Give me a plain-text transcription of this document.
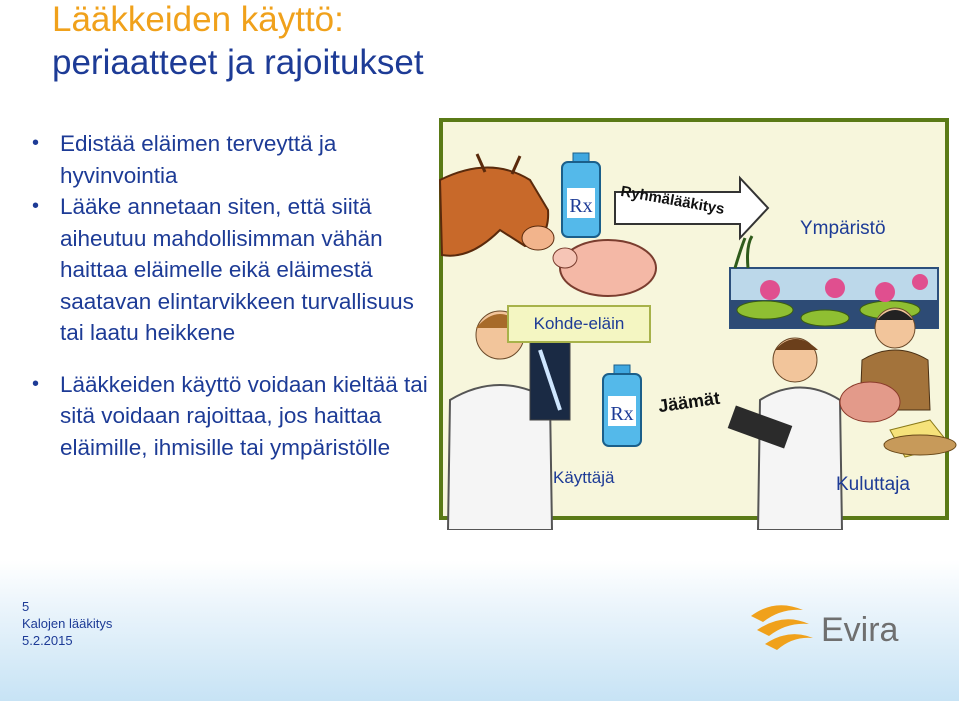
Lääkkeiden käyttö:
periaatteet ja rajoitukset
• Edistää eläimen terveyttä ja hyvinvointia
• Lääke annetaan siten, että siitä aiheutuu mahdollisimman vähän haittaa eläimelle eikä eläimestä saatavan elintarvikkeen turvallisuus tai laatu heikkene
• Lääkkeiden käyttö voidaan kieltää tai sitä voidaan rajoittaa, jos haittaa eläimille, ihmisille tai ympäristölle
Rx
Rx
Ryhmälääkitys
Ympäristö
Kohde-eläin
Jäämät
Käyttäjä	Kuluttaja
5
Kalojen lääkitys
5.2.2015	Evira
